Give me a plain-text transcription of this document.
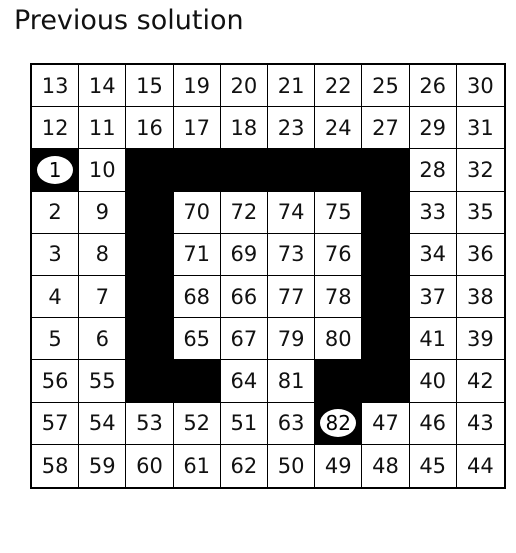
Previous solution
13 14 15 19 20 21 22 25 26 30
12 11 16 17 18 23 24 27 29 31
1	10	28 32
2 9	70 72 74 75	33 35
3 8	71 69 73 76	34 36
4 7	68 66 77 78	37 38
5 6	65 67 79 80	41 39
56 55	64 81	40 42
57 54 53 52 51 63 82 47 46 43
58 59 60 61 62 50 49 48 45 44
